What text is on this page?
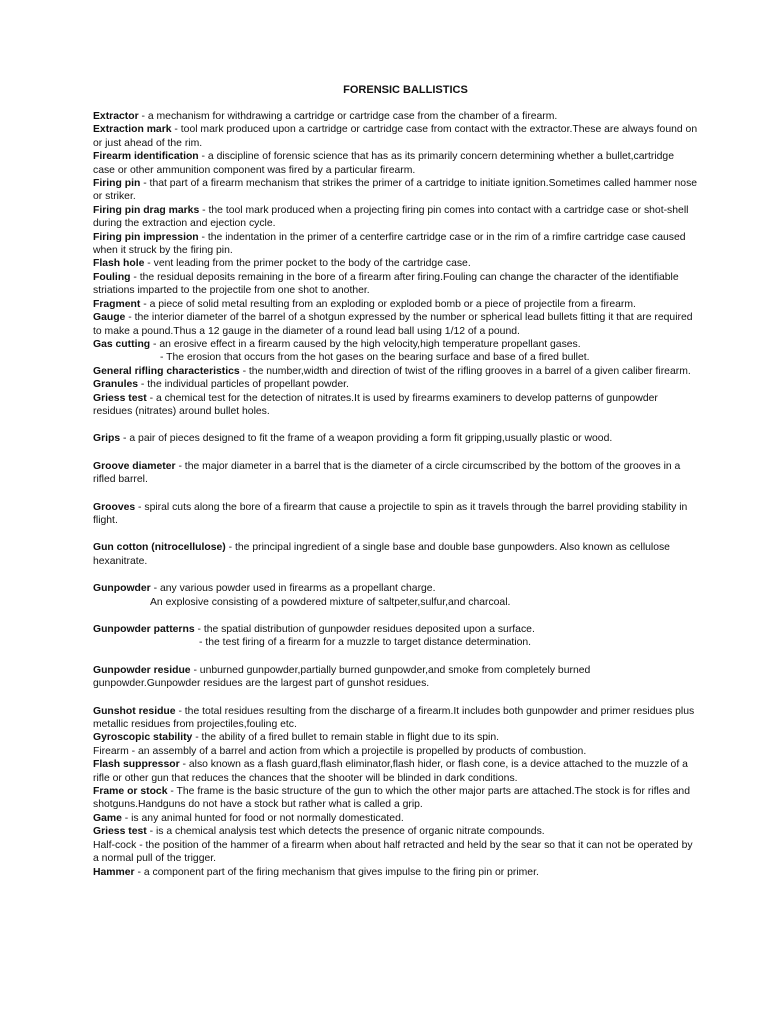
FORENSIC BALLISTICS

Extractor - a mechanism for withdrawing a cartridge or cartridge case from the chamber of a firearm.

Extraction mark - tool mark produced upon a cartridge or cartridge case from contact with the extractor.These are always found on or just ahead of the rim.

Firearm identification - a discipline of forensic science that has as its primarily concern determining whether a bullet,cartridge case or other ammunition component was fired by a particular firearm.

Firing pin - that part of a firearm mechanism that strikes the primer of a cartridge to initiate ignition.Sometimes called hammer nose or striker.

Firing pin drag marks - the tool mark produced when a projecting firing pin comes into contact with a cartridge case or shot-shell during the extraction and ejection cycle.

Firing pin impression - the indentation in the primer of a centerfire cartridge case or in the rim of a rimfire cartridge case caused when it struck by the firing pin.

Flash hole - vent leading from the primer pocket to the body of the cartridge case.

Fouling - the residual deposits remaining in the bore of a firearm after firing.Fouling can change the character of the identifiable striations imparted to the projectile from one shot to another.

Fragment - a piece of solid metal resulting from an exploding or exploded bomb or a piece of projectile from a firearm.

Gauge - the interior diameter of the barrel of a shotgun expressed by the number or spherical lead bullets fitting it that are required to make a pound.Thus a 12 gauge in the diameter of a round lead ball using 1/12 of a pound.

Gas cutting - an erosive effect in a firearm caused by the high velocity,high temperature propellant gases.
- The erosion that occurs from the hot gases on the bearing surface and base of a fired bullet.

General rifling characteristics - the number,width and direction of twist of the rifling grooves in a barrel of a given caliber firearm.

Granules - the individual particles of propellant powder.

Griess test - a chemical test for the detection of nitrates.It is used by firearms examiners to develop patterns of gunpowder residues (nitrates) around bullet holes.

Grips - a pair of pieces designed to fit the frame of a weapon providing a form fit gripping,usually plastic or wood.

Groove diameter - the major diameter in a barrel that is the diameter of a circle circumscribed by the bottom of the grooves in a rifled barrel.

Grooves - spiral cuts along the bore of a firearm that cause a projectile to spin as it travels through the barrel providing stability in flight.

Gun cotton (nitrocellulose) - the principal ingredient of a single base and double base gunpowders. Also known as cellulose hexanitrate.

Gunpowder - any various powder used in firearms as a propellant charge.
An explosive consisting of a powdered mixture of saltpeter,sulfur,and charcoal.

Gunpowder patterns - the spatial distribution of gunpowder residues deposited upon a surface.
- the test firing of a firearm for a muzzle to target distance determination.

Gunpowder residue - unburned gunpowder,partially burned gunpowder,and smoke from completely burned gunpowder.Gunpowder residues are the largest part of gunshot residues.

Gunshot residue - the total residues resulting from the discharge of a firearm.It includes both gunpowder and primer residues plus metallic residues from projectiles,fouling etc.

Gyroscopic stability - the ability of a fired bullet to remain stable in flight due to its spin.

Firearm - an assembly of a barrel and action from which a projectile is propelled by products of combustion.

Flash suppressor - also known as a flash guard,flash eliminator,flash hider, or flash cone, is a device attached to the muzzle of a rifle or other gun that reduces the chances that the shooter will be blinded in dark conditions.

Frame or stock - The frame is the basic structure of the gun to which the other major parts are attached.The stock is for rifles and
shotguns.Handguns do not have a stock but rather what is called a grip.

Game - is any animal hunted for food or not normally domesticated.

Griess test - is a chemical analysis test which detects the presence of organic nitrate compounds.

Half-cock - the position of the hammer of a firearm when about half retracted and held by the sear so that it can not be operated by a normal pull of the trigger.

Hammer - a component part of the firing mechanism that gives impulse to the firing pin or primer.
